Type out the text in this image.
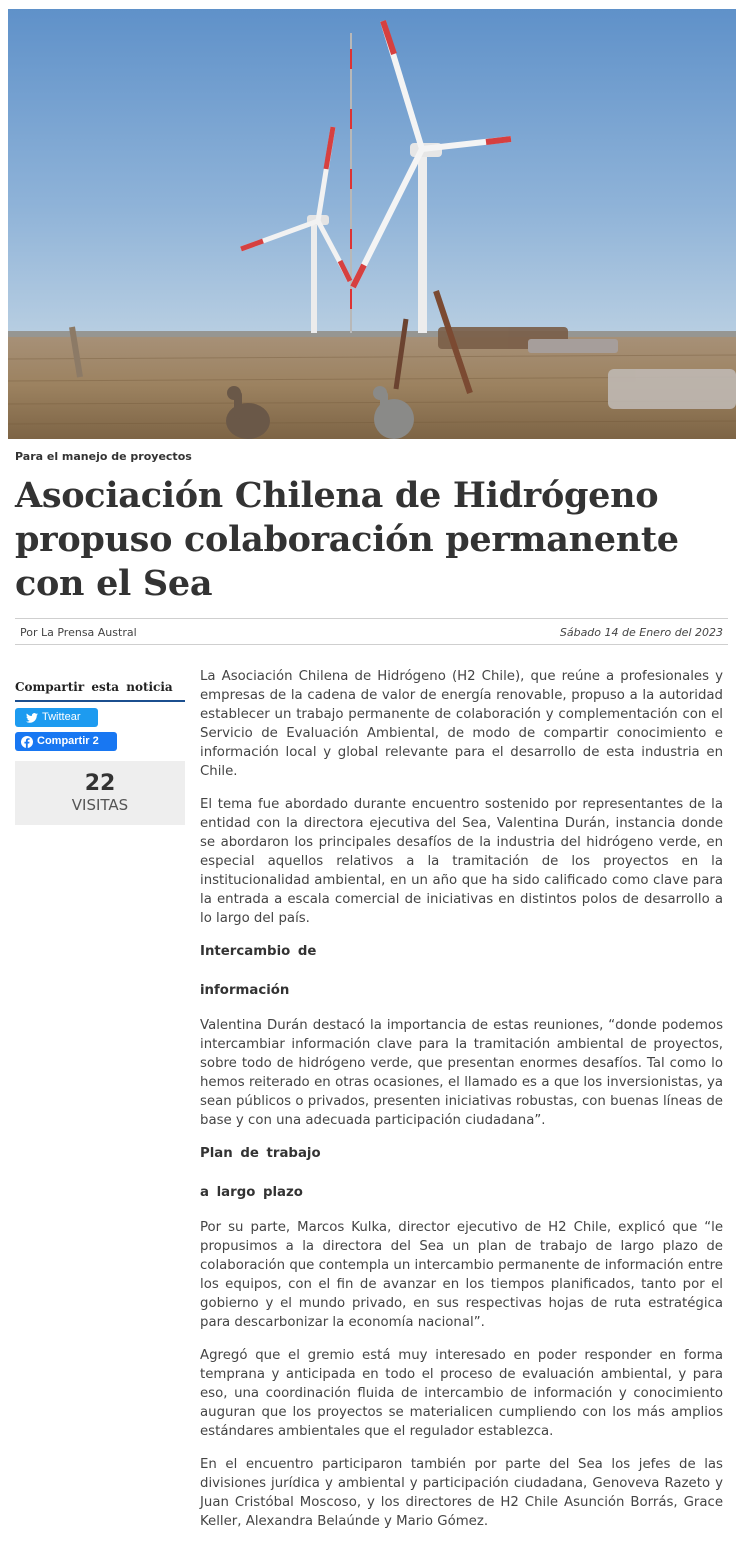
Para el manejo de proyectos
Asociación Chilena de Hidrógeno propuso colaboración permanente con el Sea
Por La Prensa Austral	Sábado 14 de Enero del 2023
Compartir esta noticia
Twittear
Compartir 2
22
VISITAS

La Asociación Chilena de Hidrógeno (H2 Chile), que reúne a profesionales y empresas de la cadena de valor de energía renovable, propuso a la autoridad establecer un trabajo permanente de colaboración y complementación con el Servicio de Evaluación Ambiental, de modo de compartir conocimiento e información local y global relevante para el desarrollo de esta industria en Chile.

El tema fue abordado durante encuentro sostenido por representantes de la entidad con la directora ejecutiva del Sea, Valentina Durán, instancia donde se abordaron los principales desafíos de la industria del hidrógeno verde, en especial aquellos relativos a la tramitación de los proyectos en la institucionalidad ambiental, en un año que ha sido calificado como clave para la entrada a escala comercial de iniciativas en distintos polos de desarrollo a lo largo del país.

Intercambio de
información

Valentina Durán destacó la importancia de estas reuniones, “donde podemos intercambiar información clave para la tramitación ambiental de proyectos, sobre todo de hidrógeno verde, que presentan enormes desafíos. Tal como lo hemos reiterado en otras ocasiones, el llamado es a que los inversionistas, ya sean públicos o privados, presenten iniciativas robustas, con buenas líneas de base y con una adecuada participación ciudadana”.

Plan de trabajo
a largo plazo

Por su parte, Marcos Kulka, director ejecutivo de H2 Chile, explicó que “le propusimos a la directora del Sea un plan de trabajo de largo plazo de colaboración que contempla un intercambio permanente de información entre los equipos, con el fin de avanzar en los tiempos planificados, tanto por el gobierno y el mundo privado, en sus respectivas hojas de ruta estratégica para descarbonizar la economía nacional”.

Agregó que el gremio está muy interesado en poder responder en forma temprana y anticipada en todo el proceso de evaluación ambiental, y para eso, una coordinación fluida de intercambio de información y conocimiento auguran que los proyectos se materialicen cumpliendo con los más amplios estándares ambientales que el regulador establezca.

En el encuentro participaron también por parte del Sea los jefes de las divisiones jurídica y ambiental y participación ciudadana, Genoveva Razeto y Juan Cristóbal Moscoso, y los directores de H2 Chile Asunción Borrás, Grace Keller, Alexandra Belaúnde y Mario Gómez.
